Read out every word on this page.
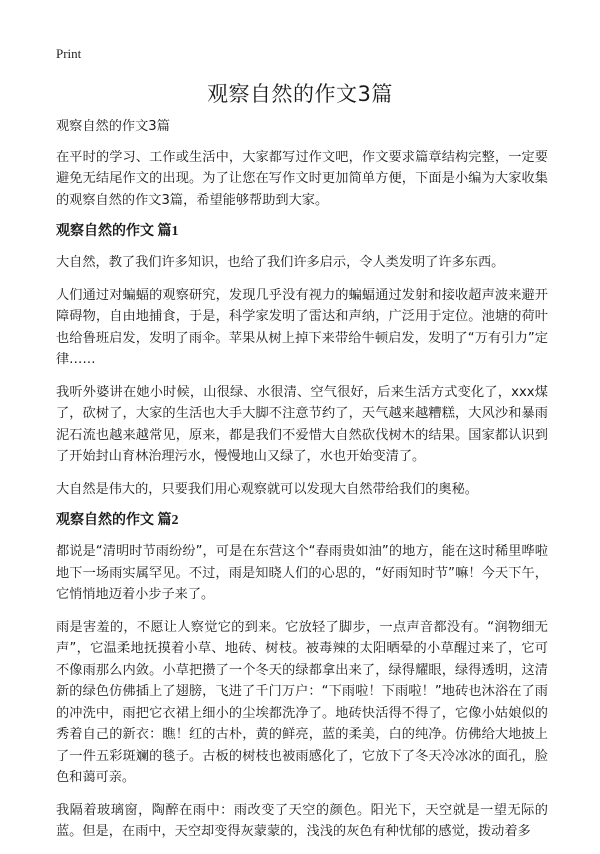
Print
观察自然的作文3篇

观察自然的作文3篇

在平时的学习、工作或生活中，大家都写过作文吧，作文要求篇章结构完整，一定要避免无结尾作文的出现。为了让您在写作文时更加简单方便，下面是小编为大家收集的观察自然的作文3篇，希望能够帮助到大家。

观察自然的作文 篇1

大自然，教了我们许多知识，也给了我们许多启示，令人类发明了许多东西。

人们通过对蝙蝠的观察研究，发现几乎没有视力的蝙蝠通过发射和接收超声波来避开障碍物，自由地捕食，于是，科学家发明了雷达和声纳，广泛用于定位。池塘的荷叶也给鲁班启发，发明了雨伞。苹果从树上掉下来带给牛顿启发，发明了“万有引力”定律……

我听外婆讲在她小时候，山很绿、水很清、空气很好，后来生活方式变化了，xxx煤了，砍树了，大家的生活也大手大脚不注意节约了，天气越来越糟糕，大风沙和暴雨泥石流也越来越常见，原来，都是我们不爱惜大自然砍伐树木的结果。国家都认识到了开始封山育林治理污水，慢慢地山又绿了，水也开始变清了。

大自然是伟大的，只要我们用心观察就可以发现大自然带给我们的奥秘。

观察自然的作文 篇2

都说是“清明时节雨纷纷”，可是在东营这个“春雨贵如油”的地方，能在这时稀里哗啦地下一场雨实属罕见。不过，雨是知晓人们的心思的，“好雨知时节”嘛！今天下午，它悄悄地迈着小步子来了。

雨是害羞的，不愿让人察觉它的到来。它放轻了脚步，一点声音都没有。“润物细无声”，它温柔地抚摸着小草、地砖、树枝。被毒辣的太阳晒晕的小草醒过来了，它可不像雨那么内敛。小草把攒了一个冬天的绿都拿出来了，绿得耀眼，绿得透明，这清新的绿色仿佛插上了翅膀，飞进了千门万户：“下雨啦！下雨啦！”地砖也沐浴在了雨的冲洗中，雨把它衣裙上细小的尘埃都洗净了。地砖快活得不得了，它像小姑娘似的秀着自己的新衣：瞧！红的古朴，黄的鲜亮，蓝的柔美，白的纯净。仿佛给大地披上了一件五彩斑斓的毯子。古板的树枝也被雨感化了，它放下了冬天冷冰冰的面孔，脸色和蔼可亲。

我隔着玻璃窗，陶醉在雨中：雨改变了天空的颜色。阳光下，天空就是一望无际的蓝。但是，在雨中，天空却变得灰蒙蒙的，浅浅的灰色有种忧郁的感觉，拨动着多
